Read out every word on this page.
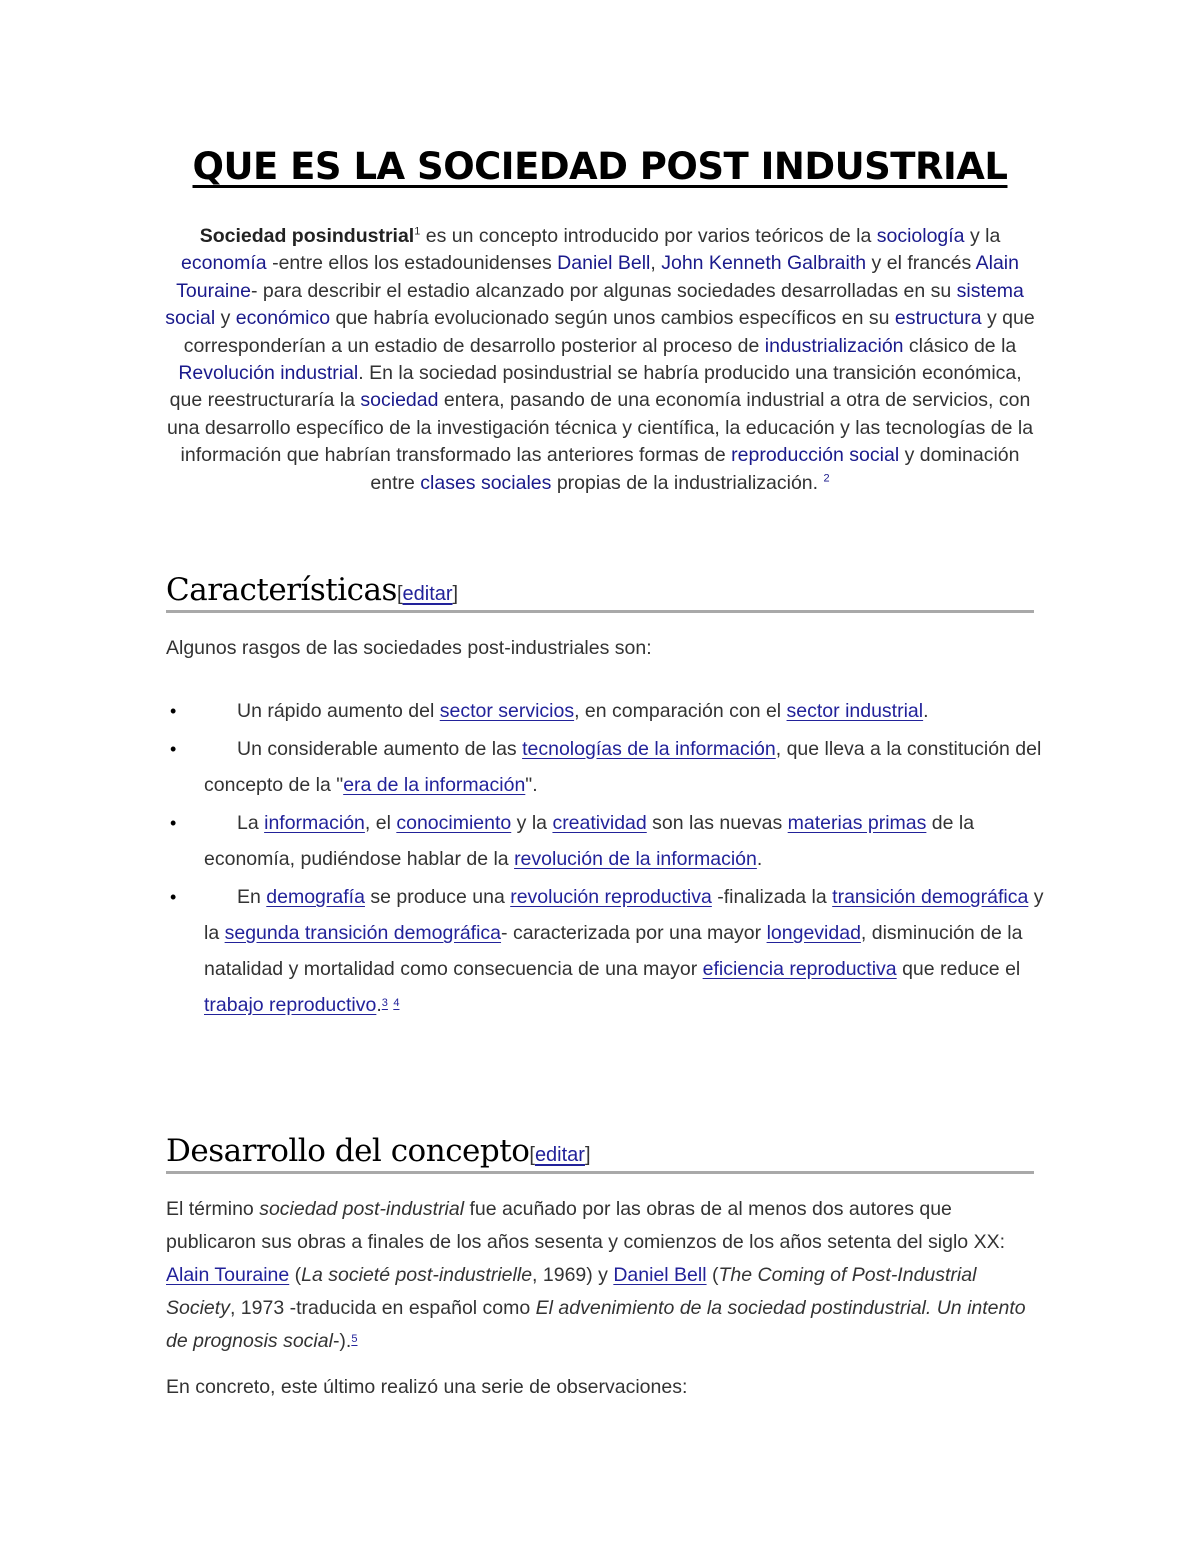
QUE ES LA SOCIEDAD POST INDUSTRIAL
Sociedad posindustrial$^1$ es un concepto introducido por varios teóricos de la sociología y la economía -entre ellos los estadounidenses Daniel Bell, John Kenneth Galbraith y el francés Alain Touraine- para describir el estadio alcanzado por algunas sociedades desarrolladas en su sistema social y económico que habría evolucionado según unos cambios específicos en su estructura y que corresponderían a un estadio de desarrollo posterior al proceso de industrialización clásico de la Revolución industrial. En la sociedad posindustrial se habría producido una transición económica, que reestructuraría la sociedad entera, pasando de una economía industrial a otra de servicios, con una desarrollo específico de la investigación técnica y científica, la educación y las tecnologías de la información que habrían transformado las anteriores formas de reproducción social y dominación entre clases sociales propias de la industrialización. $^2$
Características[editar]
Algunos rasgos de las sociedades post-industriales son:
•	Un rápido aumento del sector servicios, en comparación con el sector industrial.
•	Un considerable aumento de las tecnologías de la información, que lleva a la constitución del concepto de la "era de la información".
•	La información, el conocimiento y la creatividad son las nuevas materias primas de la economía, pudiéndose hablar de la revolución de la información.
•	En demografía se produce una revolución reproductiva -finalizada la transición demográfica y la segunda transición demográfica- caracterizada por una mayor longevidad, disminución de la natalidad y mortalidad como consecuencia de una mayor eficiencia reproductiva que reduce el trabajo reproductivo.$^3$ $^4$
Desarrollo del concepto[editar]
El término sociedad post-industrial fue acuñado por las obras de al menos dos autores que publicaron sus obras a finales de los años sesenta y comienzos de los años setenta del siglo XX: Alain Touraine (La societé post-industrielle, 1969) y Daniel Bell (The Coming of Post-Industrial Society, 1973 -traducida en español como El advenimiento de la sociedad postindustrial. Un intento de prognosis social-).$^5$
En concreto, este último realizó una serie de observaciones:
